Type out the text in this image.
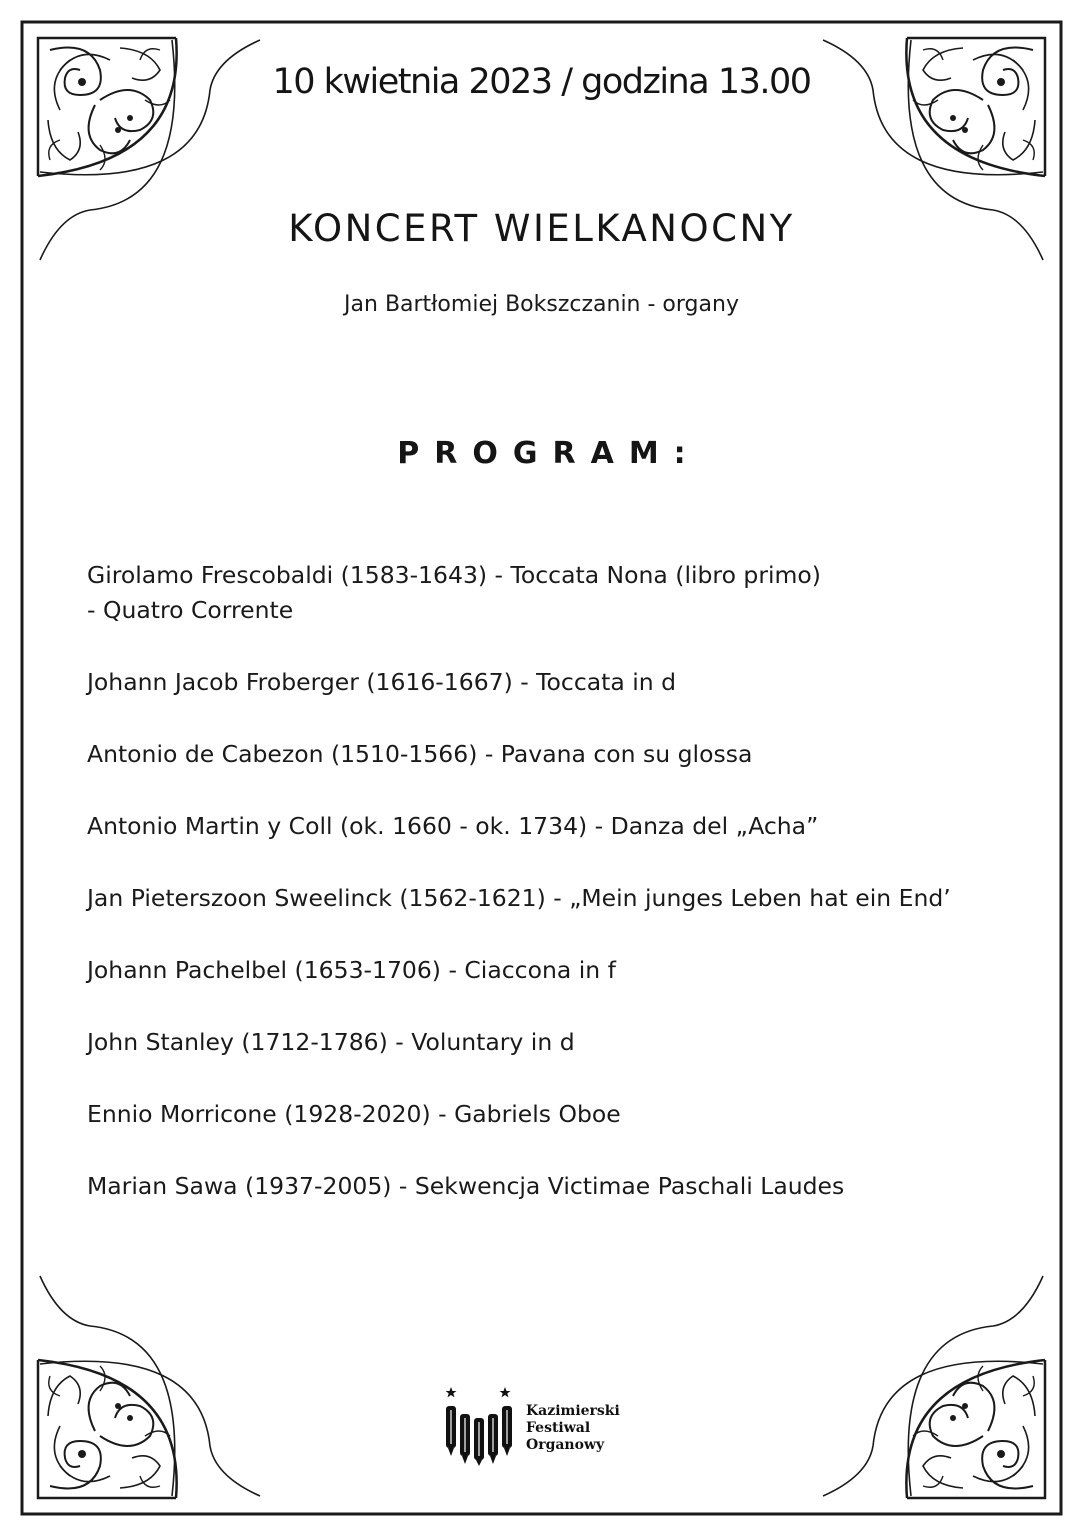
10 kwietnia 2023 / godzina 13.00
KONCERT WIELKANOCNY
Jan Bartłomiej Bokszczanin - organy
PROGRAM:
Girolamo Frescobaldi (1583-1643) - Toccata Nona (libro primo)
- Quatro Corrente
Johann Jacob Froberger (1616-1667) - Toccata in d
Antonio de Cabezon (1510-1566) - Pavana con su glossa
Antonio Martin y Coll (ok. 1660 - ok. 1734) - Danza del „Acha”
Jan Pieterszoon Sweelinck (1562-1621) - „Mein junges Leben hat ein End’
Johann Pachelbel (1653-1706) - Ciaccona in f
John Stanley (1712-1786) - Voluntary in d
Ennio Morricone (1928-2020) - Gabriels Oboe
Marian Sawa (1937-2005) - Sekwencja Victimae Paschali Laudes
Kazimierski
Festiwal
Organowy
